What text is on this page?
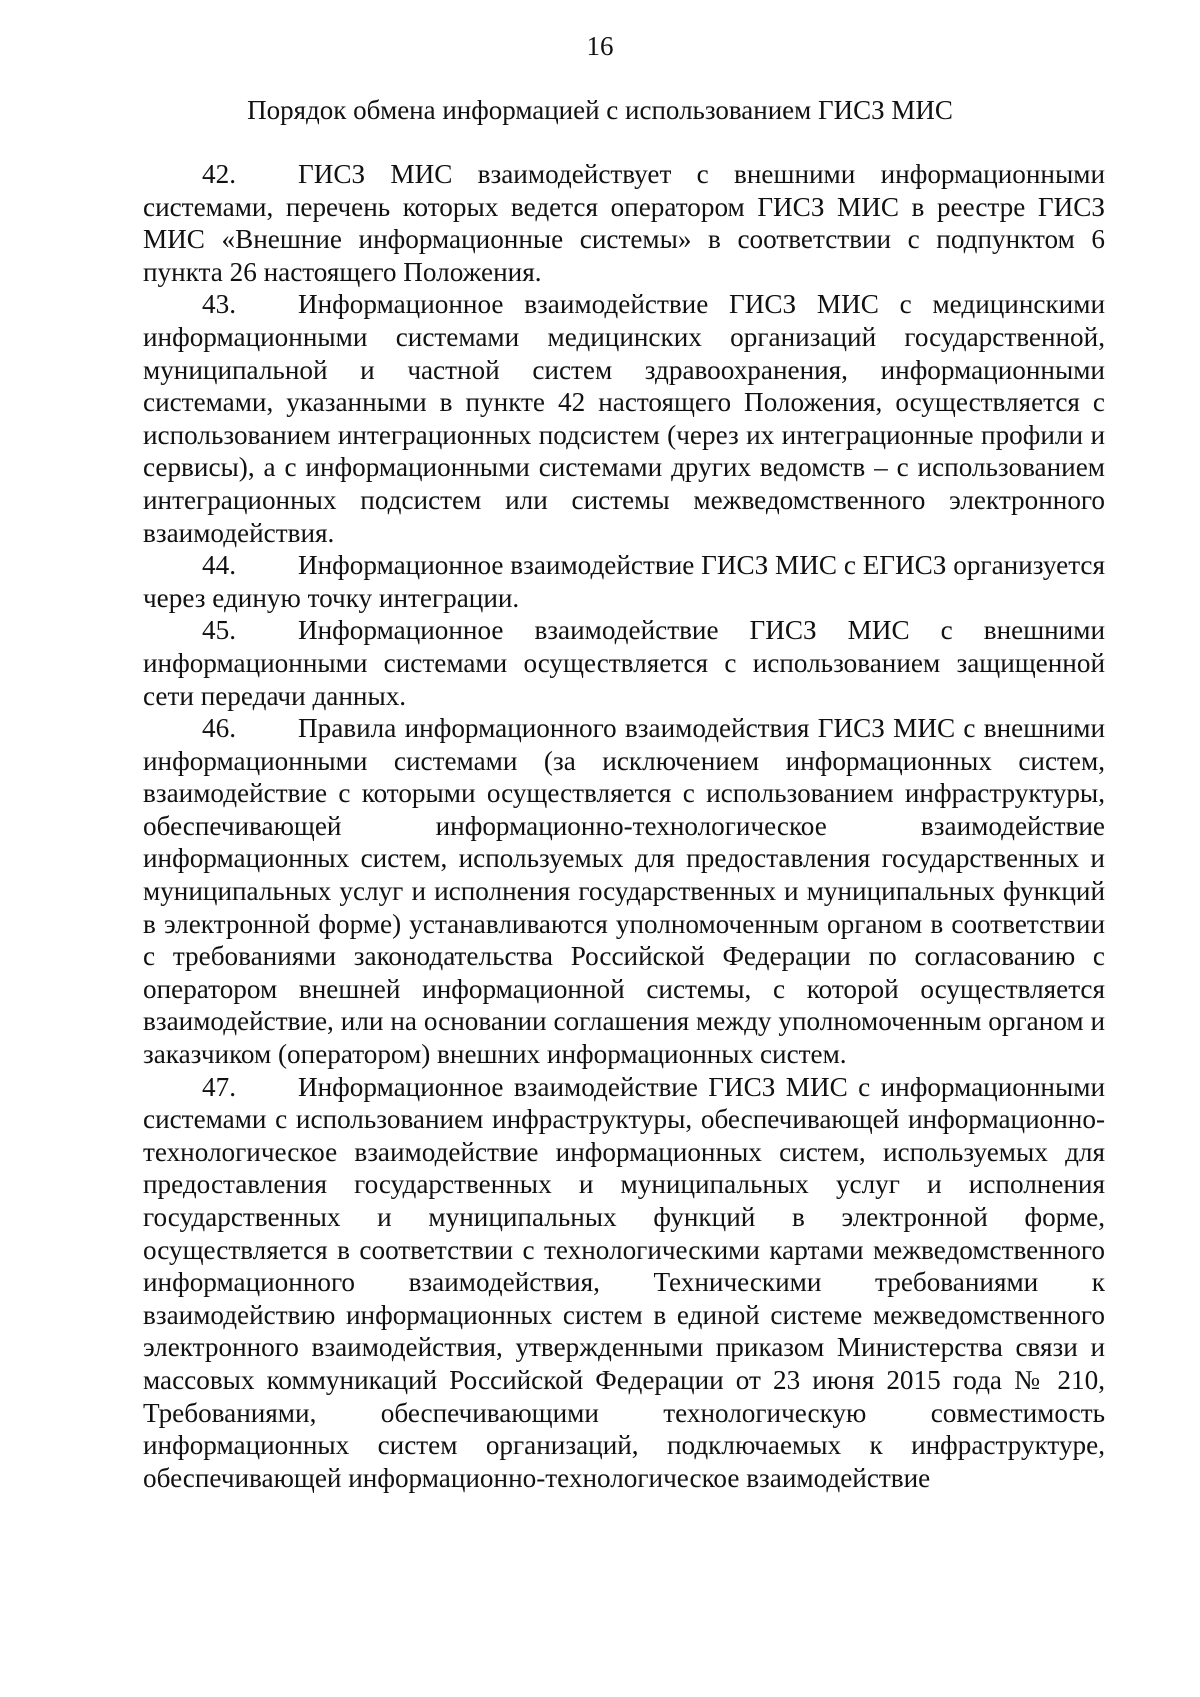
16
Порядок обмена информацией с использованием ГИСЗ МИС

42. ГИСЗ МИС взаимодействует с внешними информационными системами, перечень которых ведется оператором ГИСЗ МИС в реестре ГИСЗ МИС «Внешние информационные системы» в соответствии с подпунктом 6 пункта 26 настоящего Положения.

43. Информационное взаимодействие ГИСЗ МИС с медицинскими информационными системами медицинских организаций государственной, муниципальной и частной систем здравоохранения, информационными системами, указанными в пункте 42 настоящего Положения, осуществляется с использованием интеграционных подсистем (через их интеграционные профили и сервисы), а с информационными системами других ведомств – с использованием интеграционных подсистем или системы межведомственного электронного взаимодействия.

44. Информационное взаимодействие ГИСЗ МИС с ЕГИСЗ организуется через единую точку интеграции.

45. Информационное взаимодействие ГИСЗ МИС с внешними информационными системами осуществляется с использованием защищенной сети передачи данных.

46. Правила информационного взаимодействия ГИСЗ МИС с внешними информационными системами (за исключением информационных систем, взаимодействие с которыми осуществляется с использованием инфраструктуры, обеспечивающей информационно-технологическое взаимодействие информационных систем, используемых для предоставления государственных и муниципальных услуг и исполнения государственных и муниципальных функций в электронной форме) устанавливаются уполномоченным органом в соответствии с требованиями законодательства Российской Федерации по согласованию с оператором внешней информационной системы, с которой осуществляется взаимодействие, или на основании соглашения между уполномоченным органом и заказчиком (оператором) внешних информационных систем.

47. Информационное взаимодействие ГИСЗ МИС с информационными системами с использованием инфраструктуры, обеспечивающей информационно-технологическое взаимодействие информационных систем, используемых для предоставления государственных и муниципальных услуг и исполнения государственных и муниципальных функций в электронной форме, осуществляется в соответствии с технологическими картами межведомственного информационного взаимодействия, Техническими требованиями к взаимодействию информационных систем в единой системе межведомственного электронного взаимодействия, утвержденными приказом Министерства связи и массовых коммуникаций Российской Федерации от 23 июня 2015 года № 210, Требованиями, обеспечивающими технологическую совместимость информационных систем организаций, подключаемых к инфраструктуре, обеспечивающей информационно-технологическое взаимодействие
